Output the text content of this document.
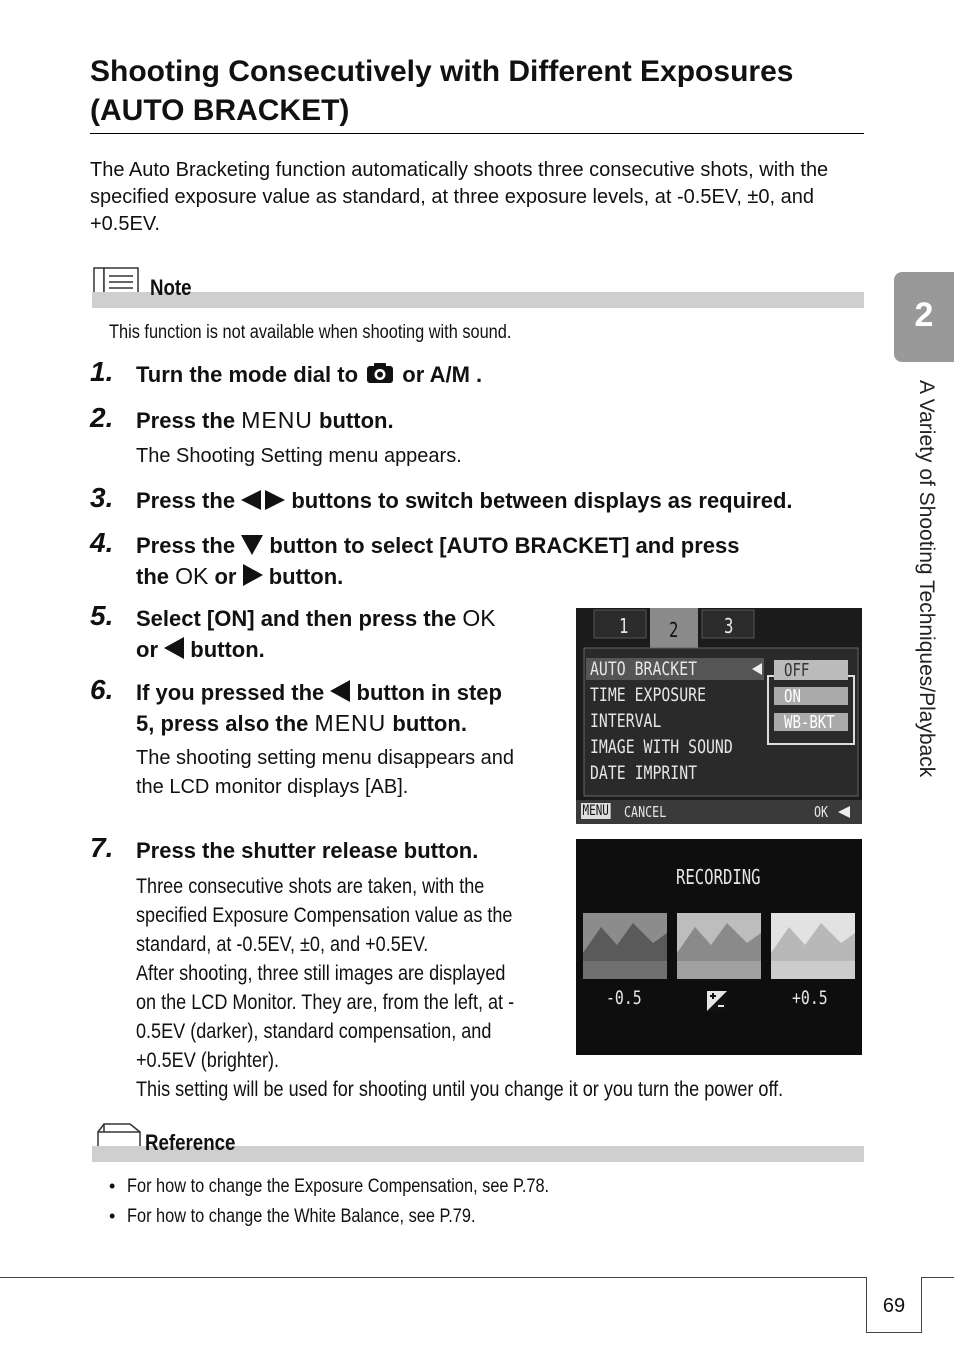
Shooting Consecutively with Different Exposures (AUTO BRACKET)

The Auto Bracketing function automatically shoots three consecutive shots, with the specified exposure value as standard, at three exposure levels, at -0.5EV, ±0, and +0.5EV.

Note
This function is not available when shooting with sound.
1. Turn the mode dial to or A/M .
2. Press the MENU button.
The Shooting Setting menu appears.
3. Press the	buttons to switch between displays as required.
4. Press the button to select [AUTO BRACKET] and press
the OK or button.
5. Select [ON] and then press the OK
or button.
6. If you pressed the button in step
5, press also the MENU button.
The shooting setting menu disappears and
the LCD monitor displays [AB].
1 2 3
AUTO BRACKET
TIME EXPOSURE
INTERVAL
IMAGE WITH SOUND
DATE IMPRINT
OFF
ON
WB-BKT
MENU CANCEL	OK
7. Press the shutter release button.
Three consecutive shots are taken, with the
specified Exposure Compensation value as the
standard, at -0.5EV, ±0, and +0.5EV.
After shooting, three still images are displayed
on the LCD Monitor. They are, from the left, at -
0.5EV (darker), standard compensation, and
+0.5EV (brighter).
This setting will be used for shooting until you change it or you turn the power off.
RECORDING
-0.5	+0.5
Reference
• For how to change the Exposure Compensation, see P.78.
• For how to change the White Balance, see P.79.
2
A Variety of Shooting Techniques/Playback
69
